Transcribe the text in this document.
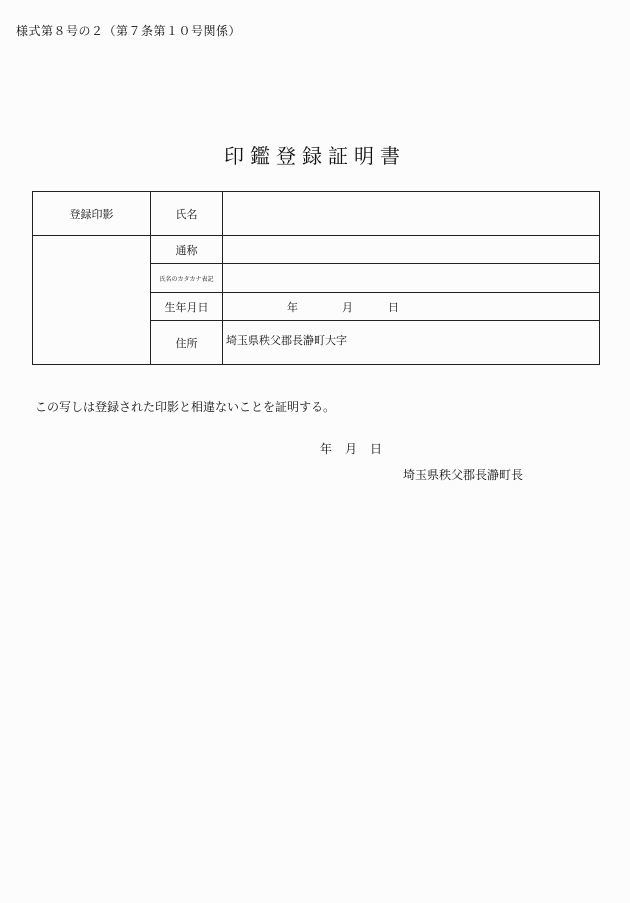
様式第８号の２（第７条第１０号関係）
印鑑登録証明書
登録印影	氏名	
	通称	
	氏名のカタカナ表記	
	生年月日	年 月 日
	住所	埼玉県秩父郡長瀞町大字
この写しは登録された印影と相違ないことを証明する。
年 月 日
埼玉県秩父郡長瀞町長
